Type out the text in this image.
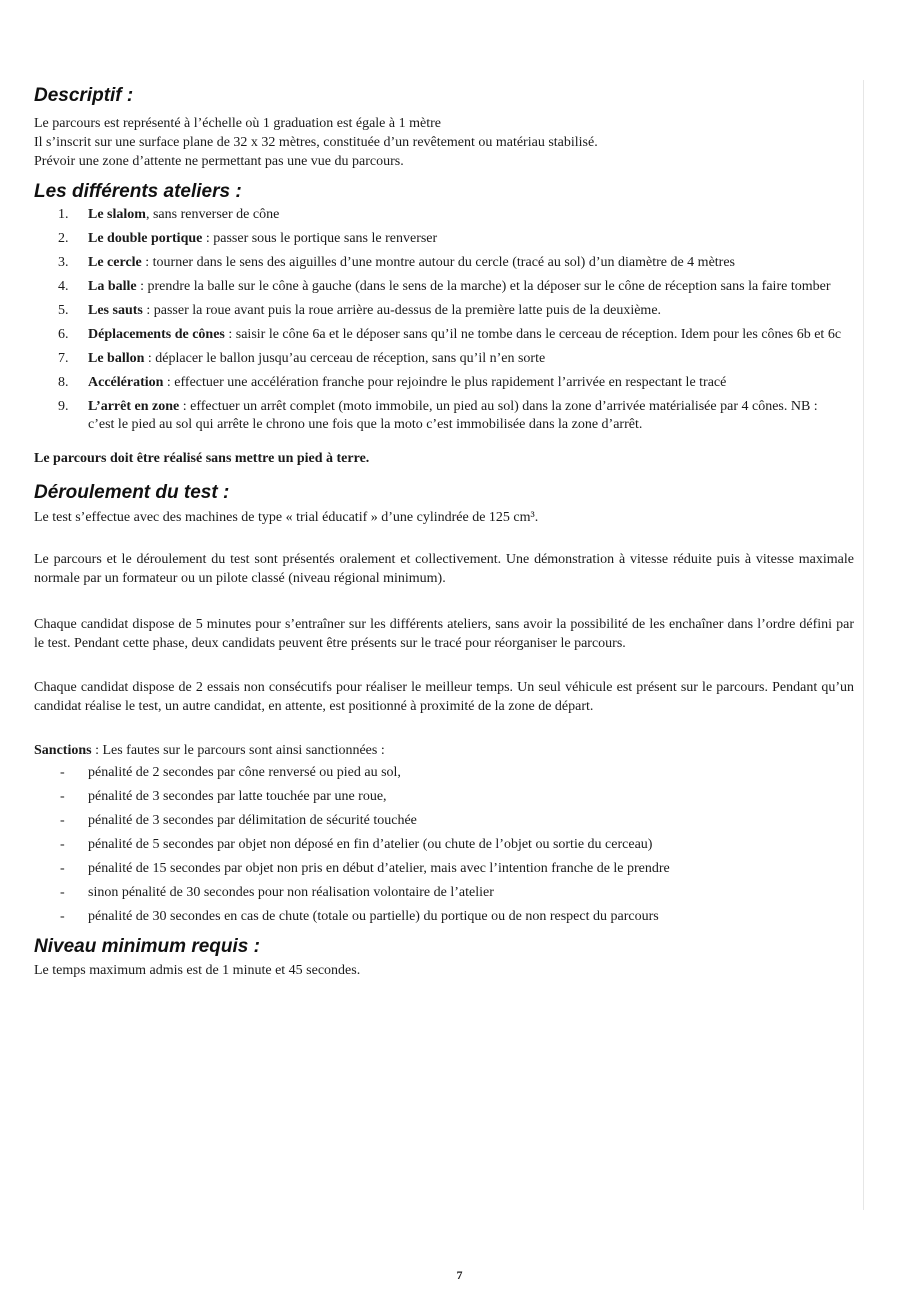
Descriptif :

Le parcours est représenté à l’échelle où 1 graduation est égale à 1 mètre

Il s’inscrit sur une surface plane de 32 x 32 mètres, constituée d’un revêtement ou matériau stabilisé.

Prévoir une zone d’attente ne permettant pas une vue du parcours.

Les différents ateliers :
1.	Le slalom, sans renverser de cône
2.	Le double portique : passer sous le portique sans le renverser
3.	Le cercle : tourner dans le sens des aiguilles d’une montre autour du cercle (tracé au sol) d’un diamètre de 4 mètres
4.	La balle : prendre la balle sur le cône à gauche (dans le sens de la marche) et la déposer sur le cône de réception sans la faire tomber
5.	Les sauts : passer la roue avant puis la roue arrière au-dessus de la première latte puis de la deuxième.
6.	Déplacements de cônes : saisir le cône 6a et le déposer sans qu’il ne tombe dans le cerceau de réception. Idem pour les cônes 6b et 6c
7.	Le ballon : déplacer le ballon jusqu’au cerceau de réception, sans qu’il n’en sorte
8.	Accélération : effectuer une accélération franche pour rejoindre le plus rapidement l’arrivée en respectant le tracé
9.	L’arrêt en zone : effectuer un arrêt complet (moto immobile, un pied au sol) dans la zone d’arrivée matérialisée par 4 cônes. NB : c’est le pied au sol qui arrête le chrono une fois que la moto c’est immobilisée dans la zone d’arrêt.

Le parcours doit être réalisé sans mettre un pied à terre.

Déroulement du test :

Le test s’effectue avec des machines de type « trial éducatif » d’une cylindrée de 125 cm³.

Le parcours et le déroulement du test sont présentés oralement et collectivement. Une démonstration à vitesse réduite puis à vitesse maximale normale par un formateur ou un pilote classé (niveau régional minimum).

Chaque candidat dispose de 5 minutes pour s’entraîner sur les différents ateliers, sans avoir la possibilité de les enchaîner dans l’ordre défini par le test. Pendant cette phase, deux candidats peuvent être présents sur le tracé pour réorganiser le parcours.

Chaque candidat dispose de 2 essais non consécutifs pour réaliser le meilleur temps. Un seul véhicule est présent sur le parcours. Pendant qu’un candidat réalise le test, un autre candidat, en attente, est positionné à proximité de la zone de départ.

Sanctions : Les fautes sur le parcours sont ainsi sanctionnées :

-	pénalité de 2 secondes par cône renversé ou pied au sol,
-	pénalité de 3 secondes par latte touchée par une roue,
-	pénalité de 3 secondes par délimitation de sécurité touchée
-	pénalité de 5 secondes par objet non déposé en fin d’atelier (ou chute de l’objet ou sortie du cerceau)
-	pénalité de 15 secondes par objet non pris en début d’atelier, mais avec l’intention franche de le prendre
-	sinon pénalité de 30 secondes pour non réalisation volontaire de l’atelier
-	pénalité de 30 secondes en cas de chute (totale ou partielle) du portique ou de non respect du parcours
Niveau minimum requis :

Le temps maximum admis est de 1 minute et 45 secondes.

7
